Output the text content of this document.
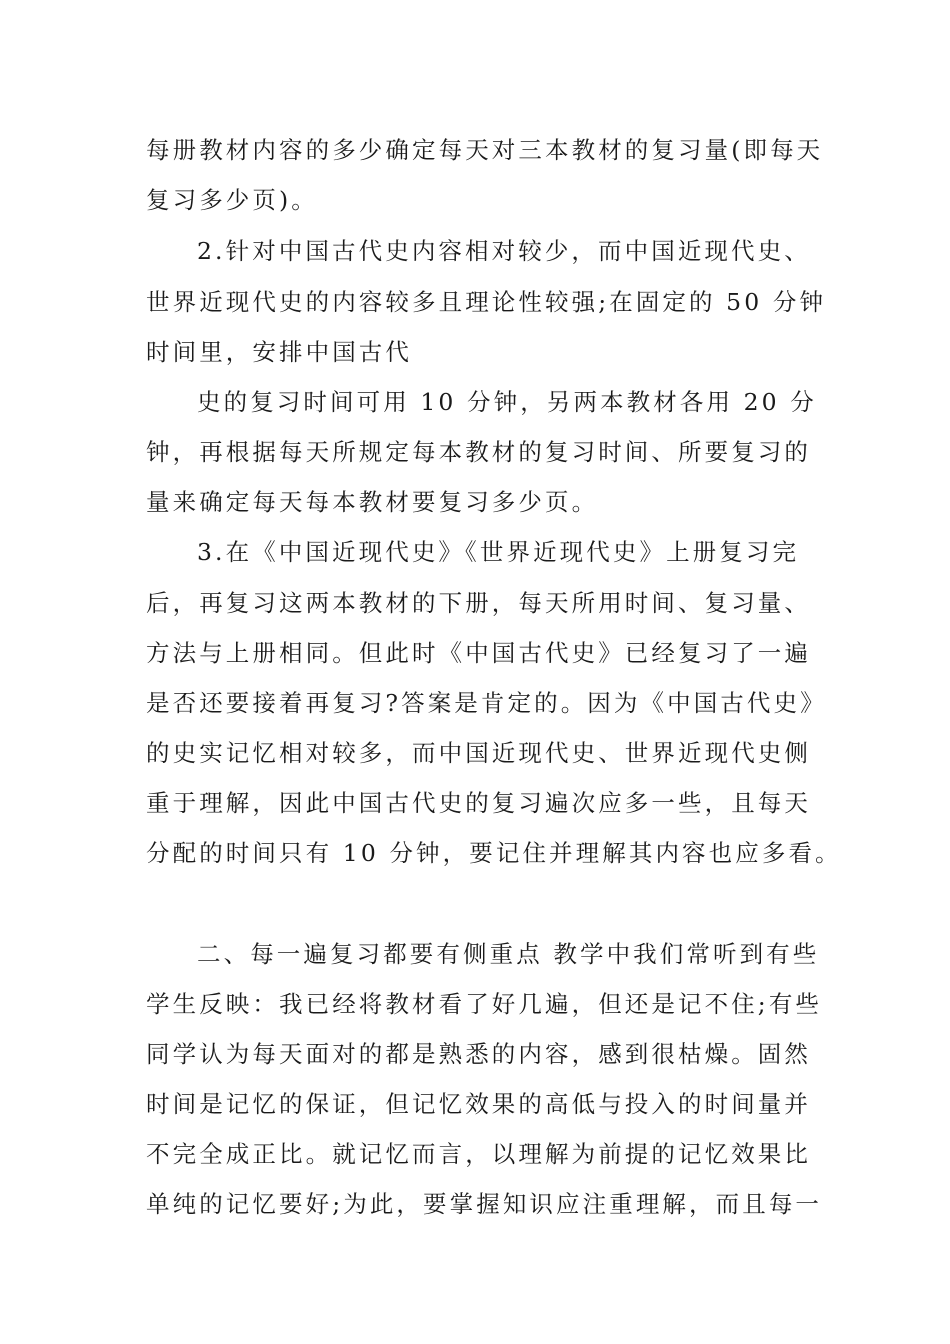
每册教材内容的多少确定每天对三本教材的复习量(即每天

复习多少页)。

2.针对中国古代史内容相对较少，而中国近现代史、

世界近现代史的内容较多且理论性较强;在固定的 50 分钟

时间里，安排中国古代

史的复习时间可用 10 分钟，另两本教材各用 20 分

钟，再根据每天所规定每本教材的复习时间、所要复习的

量来确定每天每本教材要复习多少页。

3.在《中国近现代史》《世界近现代史》上册复习完

后，再复习这两本教材的下册，每天所用时间、复习量、

方法与上册相同。但此时《中国古代史》已经复习了一遍

是否还要接着再复习?答案是肯定的。因为《中国古代史》

的史实记忆相对较多，而中国近现代史、世界近现代史侧

重于理解，因此中国古代史的复习遍次应多一些，且每天

分配的时间只有 10 分钟，要记住并理解其内容也应多看。

二、每一遍复习都要有侧重点 教学中我们常听到有些

学生反映：我已经将教材看了好几遍，但还是记不住;有些

同学认为每天面对的都是熟悉的内容，感到很枯燥。固然

时间是记忆的保证，但记忆效果的高低与投入的时间量并

不完全成正比。就记忆而言，以理解为前提的记忆效果比

单纯的记忆要好;为此，要掌握知识应注重理解，而且每一
